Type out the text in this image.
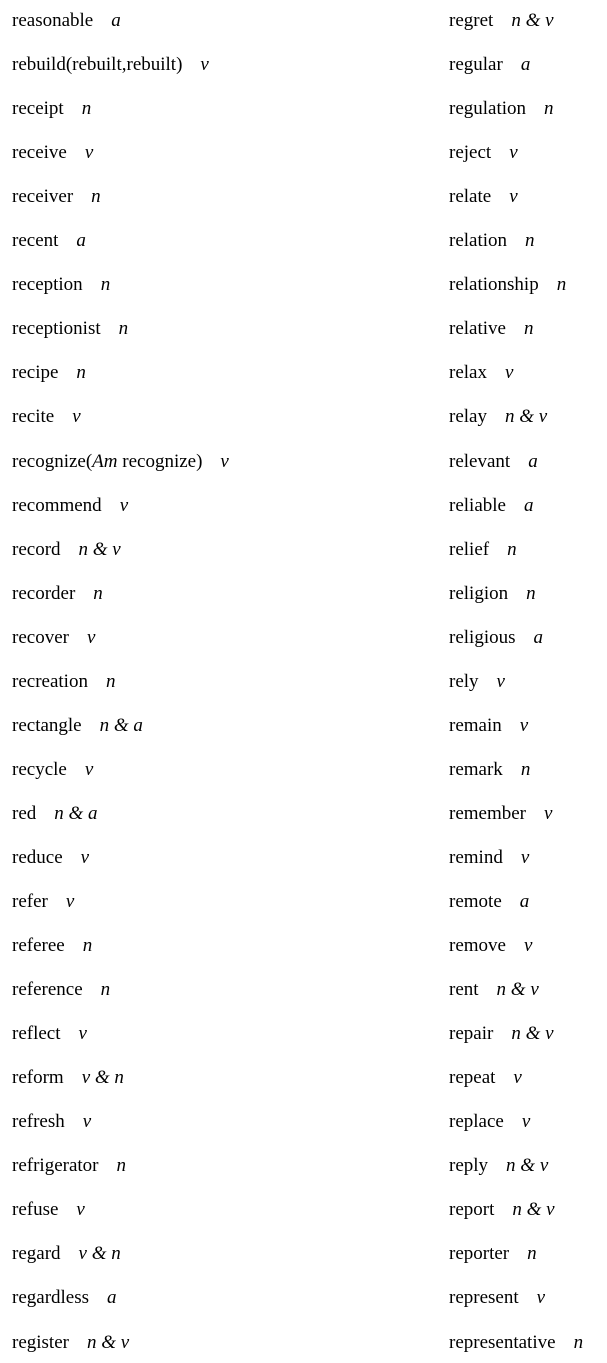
reasonable a
rebuild(rebuilt,rebuilt) v
receipt n
receive v
receiver n
recent a
reception n
receptionist n
recipe n
recite v
recognize(Am recognize) v
recommend v
record n & v
recorder n
recover v
recreation n
rectangle n & a
recycle v
red n & a
reduce v
refer v
referee n
reference n
reflect v
reform v & n
refresh v
refrigerator n
refuse v
regard v & n
regardless a
register n & v
regret n & v
regular a
regulation n
reject v
relate v
relation n
relationship n
relative n
relax v
relay n & v
relevant a
reliable a
relief n
religion n
religious a
rely v
remain v
remark n
remember v
remind v
remote a
remove v
rent n & v
repair n & v
repeat v
replace v
reply n & v
report n & v
reporter n
represent v
representative n
